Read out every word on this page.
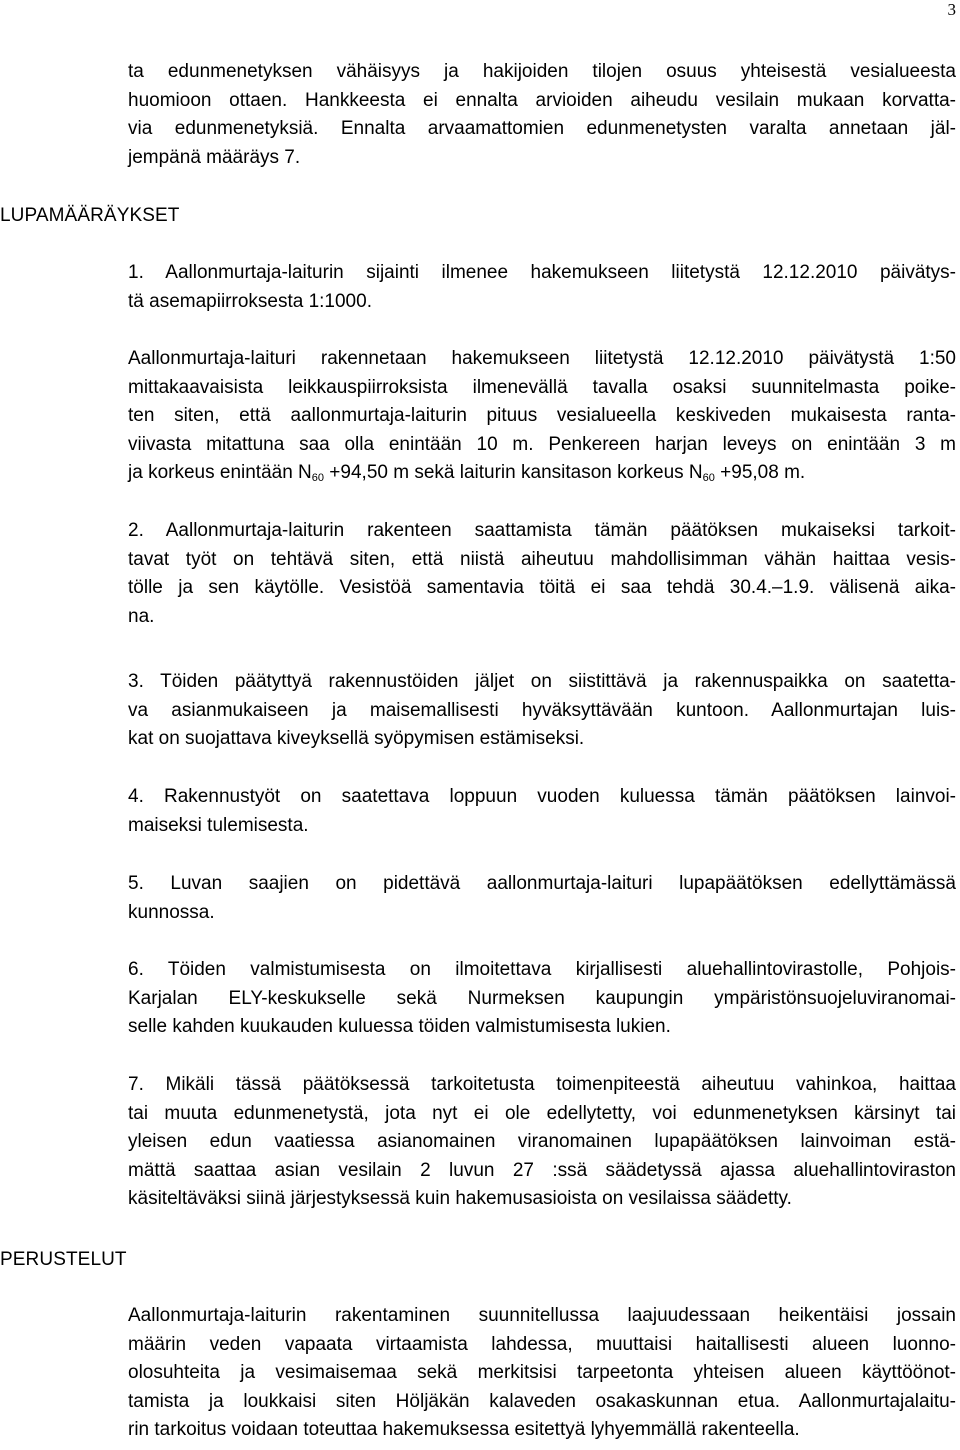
3
LUPAMÄÄRÄYKSET
PERUSTELUT
ta edunmenetyksen vähäisyys ja hakijoiden tilojen osuus yhteisestä vesialueesta
huomioon ottaen. Hankkeesta ei ennalta arvioiden aiheudu vesilain mukaan korvatta-
via edunmenetyksiä. Ennalta arvaamattomien edunmenetysten varalta annetaan jäl-
jempänä määräys 7.
1. Aallonmurtaja-laiturin sijainti ilmenee hakemukseen liitetystä 12.12.2010 päivätys-
tä asemapiirroksesta 1:1000.
Aallonmurtaja-laituri rakennetaan hakemukseen liitetystä 12.12.2010 päivätystä 1:50
mittakaavaisista leikkauspiirroksista ilmenevällä tavalla osaksi suunnitelmasta poike-
ten siten, että aallonmurtaja-laiturin pituus vesialueella keskiveden mukaisesta ranta-
viivasta mitattuna saa olla enintään 10 m. Penkereen harjan leveys on enintään 3 m
ja korkeus enintään $N_{60} +94,50$ m sekä laiturin kansitason korkeus $N_{60} +95,08$ m.
2. Aallonmurtaja-laiturin rakenteen saattamista tämän päätöksen mukaiseksi tarkoit-
tavat työt on tehtävä siten, että niistä aiheutuu mahdollisimman vähän haittaa vesis-
tölle ja sen käytölle. Vesistöä samentavia töitä ei saa tehdä 30.4.–1.9. välisenä aika-
na.
3. Töiden päätyttyä rakennustöiden jäljet on siistittävä ja rakennuspaikka on saatetta-
va asianmukaiseen ja maisemallisesti hyväksyttävään kuntoon. Aallonmurtajan luis-
kat on suojattava kiveyksellä syöpymisen estämiseksi.
4. Rakennustyöt on saatettava loppuun vuoden kuluessa tämän päätöksen lainvoi-
maiseksi tulemisesta.
5. Luvan saajien on pidettävä aallonmurtaja-laituri lupapäätöksen edellyttämässä
kunnossa.
6. Töiden valmistumisesta on ilmoitettava kirjallisesti aluehallintovirastolle, Pohjois-
Karjalan ELY-keskukselle sekä Nurmeksen kaupungin ympäristönsuojeluviranomai-
selle kahden kuukauden kuluessa töiden valmistumisesta lukien.
7. Mikäli tässä päätöksessä tarkoitetusta toimenpiteestä aiheutuu vahinkoa, haittaa
tai muuta edunmenetystä, jota nyt ei ole edellytetty, voi edunmenetyksen kärsinyt tai
yleisen edun vaatiessa asianomainen viranomainen lupapäätöksen lainvoiman estä-
mättä saattaa asian vesilain 2 luvun 27 :ssä säädetyssä ajassa aluehallintoviraston
käsiteltäväksi siinä järjestyksessä kuin hakemusasioista on vesilaissa säädetty.
Aallonmurtaja-laiturin rakentaminen suunnitellussa laajuudessaan heikentäisi jossain
määrin veden vapaata virtaamista lahdessa, muuttaisi haitallisesti alueen luonno-
olosuhteita ja vesimaisemaa sekä merkitsisi tarpeetonta yhteisen alueen käyttöönot-
tamista ja loukkaisi siten Höljäkän kalaveden osakaskunnan etua. Aallonmurtajalaitu-
rin tarkoitus voidaan toteuttaa hakemuksessa esitettyä lyhyemmällä rakenteella.
